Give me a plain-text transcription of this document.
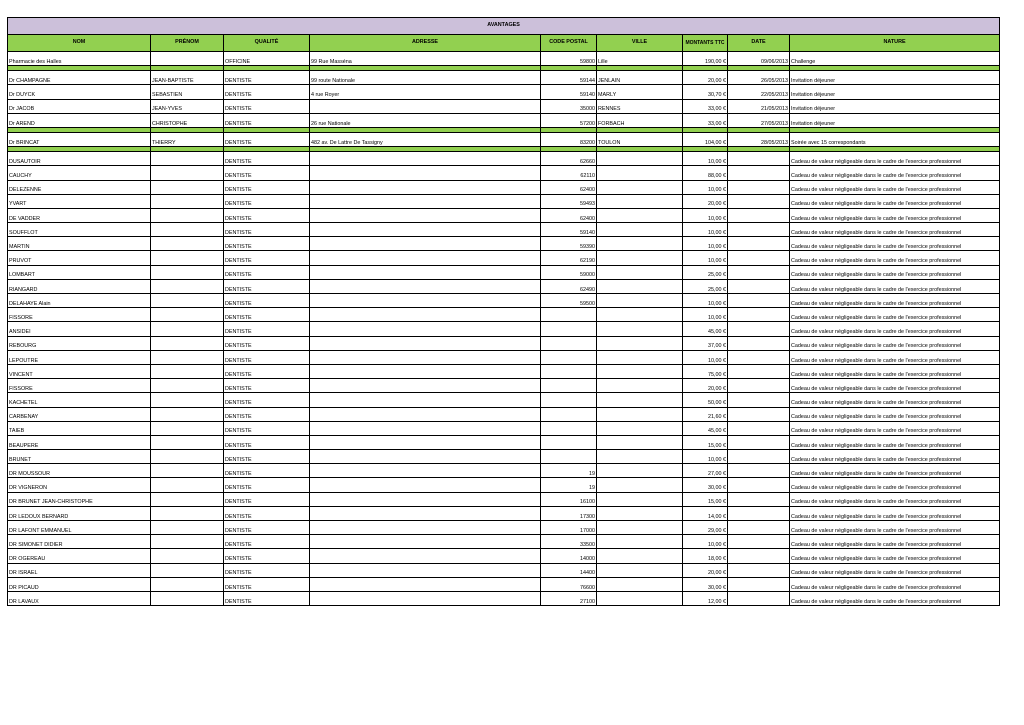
AVANTAGES								
NOM	PRÉNOM	QUALITÉ	ADRESSE	CODE POSTAL	VILLE	MONTANTS TTC	DATE	NATURE
Pharmacie des Halles		OFFICINE	99 Rue Masséna	59800	Lille	190,00 €	09/06/2013	Challenge

Dr CHAMPAGNE	JEAN-BAPTISTE	DENTISTE	99 route Nationale	59144	JENLAIN	20,00 €	26/05/2013	Invitation déjeuner
Dr DUYCK	SEBASTIEN	DENTISTE	4 rue Royer	59140	MARLY	30,70 €	22/05/2013	Invitation déjeuner
Dr JACOB	JEAN-YVES	DENTISTE		35000	RENNES	33,00 €	21/05/2013	Invitation déjeuner
Dr AREND	CHRISTOPHE	DENTISTE	26 rue Nationale	57200	FORBACH	33,00 €	27/05/2013	Invitation déjeuner

Dr BRINCAT	THIERRY	DENTISTE	482 av. De Lattre De Tassigny	83200	TOULON	104,00 €	28/05/2013	Soirée avec 15 correspondants

DUSAUTOIR		DENTISTE		62660		10,00 €		Cadeau de valeur négligeable dans le cadre de l'exercice professionnel
CAUCHY		DENTISTE		62110		88,00 €		Cadeau de valeur négligeable dans le cadre de l'exercice professionnel
DELEZENNE		DENTISTE		62400		10,00 €		Cadeau de valeur négligeable dans le cadre de l'exercice professionnel
YVART		DENTISTE		59493		20,00 €		Cadeau de valeur négligeable dans le cadre de l'exercice professionnel
DE VADDER		DENTISTE		62400		10,00 €		Cadeau de valeur négligeable dans le cadre de l'exercice professionnel
SOUFFLOT		DENTISTE		59140		10,00 €		Cadeau de valeur négligeable dans le cadre de l'exercice professionnel
MARTIN		DENTISTE		59390		10,00 €		Cadeau de valeur négligeable dans le cadre de l'exercice professionnel
PRUVOT		DENTISTE		62190		10,00 €		Cadeau de valeur négligeable dans le cadre de l'exercice professionnel
LOMBART		DENTISTE		59000		25,00 €		Cadeau de valeur négligeable dans le cadre de l'exercice professionnel
RIANGARD		DENTISTE		62490		25,00 €		Cadeau de valeur négligeable dans le cadre de l'exercice professionnel
DELAHAYE Alain		DENTISTE		59500		10,00 €		Cadeau de valeur négligeable dans le cadre de l'exercice professionnel
FISSORE		DENTISTE				10,00 €		Cadeau de valeur négligeable dans le cadre de l'exercice professionnel
ANSIDEI		DENTISTE				45,00 €		Cadeau de valeur négligeable dans le cadre de l'exercice professionnel
REBOURG		DENTISTE				37,00 €		Cadeau de valeur négligeable dans le cadre de l'exercice professionnel
LEPOUTRE		DENTISTE				10,00 €		Cadeau de valeur négligeable dans le cadre de l'exercice professionnel
VINCENT		DENTISTE				75,00 €		Cadeau de valeur négligeable dans le cadre de l'exercice professionnel
FISSORE		DENTISTE				20,00 €		Cadeau de valeur négligeable dans le cadre de l'exercice professionnel
KACHETEL		DENTISTE				50,00 €		Cadeau de valeur négligeable dans le cadre de l'exercice professionnel
CARBENAY		DENTISTE				21,60 €		Cadeau de valeur négligeable dans le cadre de l'exercice professionnel
TAIEB		DENTISTE				45,00 €		Cadeau de valeur négligeable dans le cadre de l'exercice professionnel
BEAUPERE		DENTISTE				15,00 €		Cadeau de valeur négligeable dans le cadre de l'exercice professionnel
BRUNET		DENTISTE				10,00 €		Cadeau de valeur négligeable dans le cadre de l'exercice professionnel
DR MOUSSOUR		DENTISTE		19		27,00 €		Cadeau de valeur négligeable dans le cadre de l'exercice professionnel
DR VIGNERON		DENTISTE		19		30,00 €		Cadeau de valeur négligeable dans le cadre de l'exercice professionnel
DR BRUNET JEAN-CHRISTOPHE		DENTISTE		16100		15,00 €		Cadeau de valeur négligeable dans le cadre de l'exercice professionnel
DR LEDOUX BERNARD		DENTISTE		17300		14,00 €		Cadeau de valeur négligeable dans le cadre de l'exercice professionnel
DR LAFONT EMMANUEL		DENTISTE		17000		29,00 €		Cadeau de valeur négligeable dans le cadre de l'exercice professionnel
DR SIMONET DIDIER		DENTISTE		33500		10,00 €		Cadeau de valeur négligeable dans le cadre de l'exercice professionnel
DR OGEREAU		DENTISTE		14000		18,00 €		Cadeau de valeur négligeable dans le cadre de l'exercice professionnel
DR ISRAEL		DENTISTE		14400		20,00 €		Cadeau de valeur négligeable dans le cadre de l'exercice professionnel
DR PICAUD		DENTISTE		76600		30,00 €		Cadeau de valeur négligeable dans le cadre de l'exercice professionnel
DR LAVAUX		DENTISTE		27100		12,00 €		Cadeau de valeur négligeable dans le cadre de l'exercice professionnel
